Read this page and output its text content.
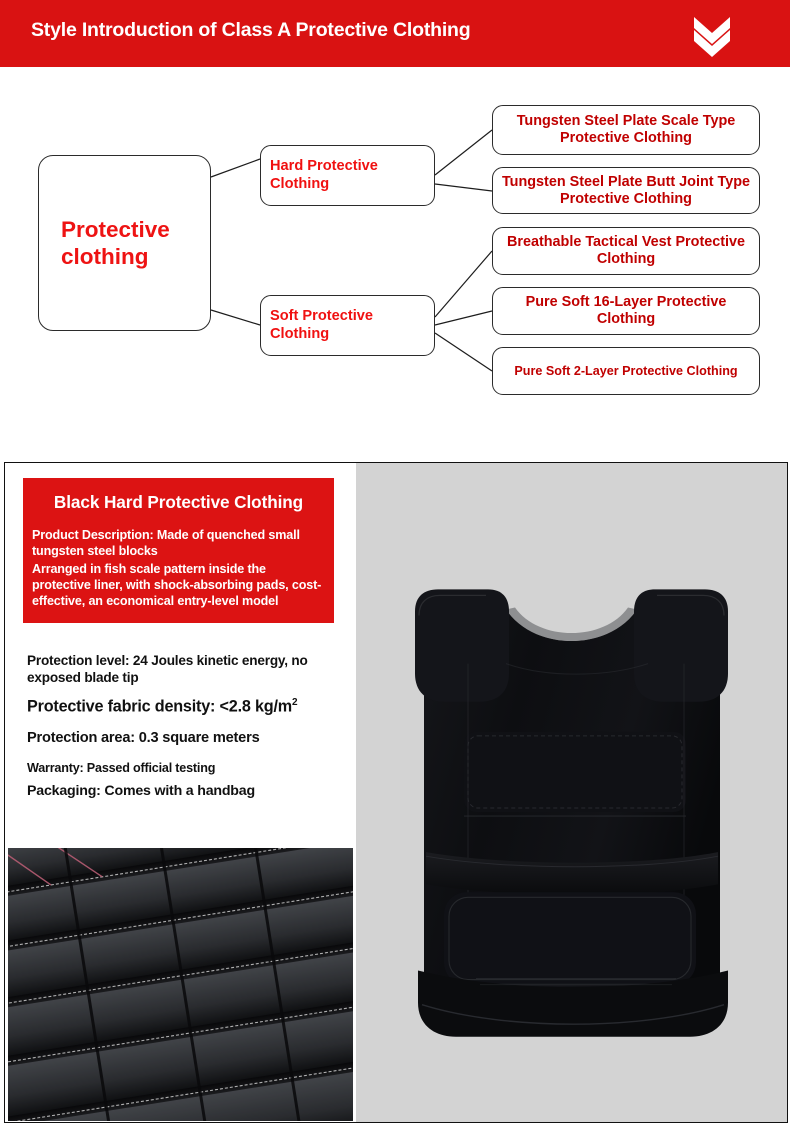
Style Introduction of Class A Protective Clothing
Protective clothing
Hard Protective Clothing
Soft Protective Clothing
Tungsten Steel Plate Scale Type Protective Clothing
Tungsten Steel Plate Butt Joint Type Protective Clothing
Breathable Tactical Vest Protective Clothing
Pure Soft 16-Layer Protective Clothing
Pure Soft 2-Layer Protective Clothing
Black Hard Protective Clothing
Product Description: Made of quenched small tungsten steel blocks
Arranged in fish scale pattern inside the protective liner, with shock-absorbing pads, cost-effective, an economical entry-level model
Protection level: 24 Joules kinetic energy, no exposed blade tip
Protective fabric density: <2.8 $kg/m^2$
Protection area: 0.3 square meters
Warranty: Passed official testing
Packaging: Comes with a handbag
